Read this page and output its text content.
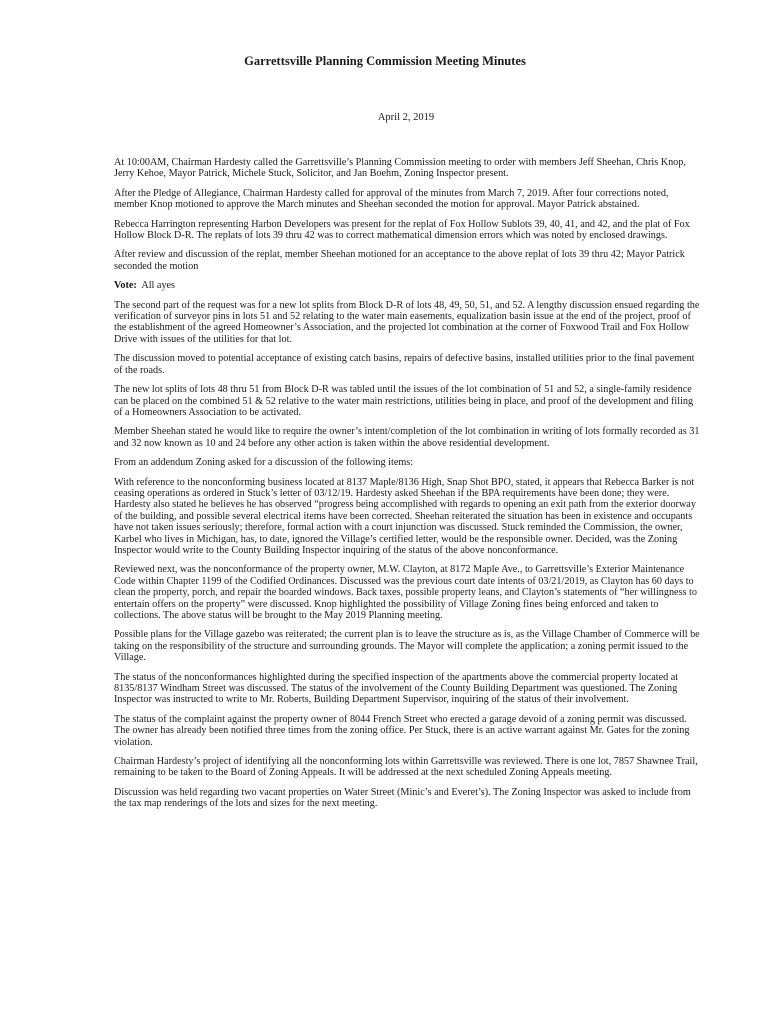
Garrettsville Planning Commission Meeting Minutes
April 2, 2019

At 10:00AM, Chairman Hardesty called the Garrettsville’s Planning Commission meeting to order with members Jeff Sheehan, Chris Knop, Jerry Kehoe, Mayor Patrick, Michele Stuck, Solicitor, and Jan Boehm, Zoning Inspector present.

After the Pledge of Allegiance, Chairman Hardesty called for approval of the minutes from March 7, 2019. After four corrections noted, member Knop motioned to approve the March minutes and Sheehan seconded the motion for approval. Mayor Patrick abstained.

Rebecca Harrington representing Harbon Developers was present for the replat of Fox Hollow Sublots 39, 40, 41, and 42, and the plat of Fox Hollow Block D-R. The replats of lots 39 thru 42 was to correct mathematical dimension errors which was noted by enclosed drawings.

After review and discussion of the replat, member Sheehan motioned for an acceptance to the above replat of lots 39 thru 42; Mayor Patrick seconded the motion

Vote: All ayes

The second part of the request was for a new lot splits from Block D-R of lots 48, 49, 50, 51, and 52. A lengthy discussion ensued regarding the verification of surveyor pins in lots 51 and 52 relating to the water main easements, equalization basin issue at the end of the project, proof of the establishment of the agreed Homeowner’s Association, and the projected lot combination at the corner of Foxwood Trail and Fox Hollow Drive with issues of the utilities for that lot.

The discussion moved to potential acceptance of existing catch basins, repairs of defective basins, installed utilities prior to the final pavement of the roads.

The new lot splits of lots 48 thru 51 from Block D-R was tabled until the issues of the lot combination of 51 and 52, a single-family residence can be placed on the combined 51 & 52 relative to the water main restrictions, utilities being in place, and proof of the development and filing of a Homeowners Association to be activated.

Member Sheehan stated he would like to require the owner’s intent/completion of the lot combination in writing of lots formally recorded as 31 and 32 now known as 10 and 24 before any other action is taken within the above residential development.

From an addendum Zoning asked for a discussion of the following items:

With reference to the nonconforming business located at 8137 Maple/8136 High, Snap Shot BPO, stated, it appears that Rebecca Barker is not ceasing operations as ordered in Stuck’s letter of 03/12/19. Hardesty asked Sheehan if the BPA requirements have been done; they were. Hardesty also stated he believes he has observed “progress being accomplished with regards to opening an exit path from the exterior doorway of the building, and possible several electrical items have been corrected. Sheehan reiterated the situation has been in existence and occupants have not taken issues seriously; therefore, formal action with a court injunction was discussed. Stuck reminded the Commission, the owner, Karbel who lives in Michigan, has, to date, ignored the Village’s certified letter, would be the responsible owner. Decided, was the Zoning Inspector would write to the County Building Inspector inquiring of the status of the above nonconformance.

Reviewed next, was the nonconformance of the property owner, M.W. Clayton, at 8172 Maple Ave., to Garrettsville’s Exterior Maintenance Code within Chapter 1199 of the Codified Ordinances. Discussed was the previous court date intents of 03/21/2019, as Clayton has 60 days to clean the property, porch, and repair the boarded windows. Back taxes, possible property leans, and Clayton’s statements of “her willingness to entertain offers on the property” were discussed. Knop highlighted the possibility of Village Zoning fines being enforced and taken to collections. The above status will be brought to the May 2019 Planning meeting.

Possible plans for the Village gazebo was reiterated; the current plan is to leave the structure as is, as the Village Chamber of Commerce will be taking on the responsibility of the structure and surrounding grounds. The Mayor will complete the application; a zoning permit issued to the Village.

The status of the nonconformances highlighted during the specified inspection of the apartments above the commercial property located at 8135/8137 Windham Street was discussed. The status of the involvement of the County Building Department was questioned. The Zoning Inspector was instructed to write to Mr. Roberts, Building Department Supervisor, inquiring of the status of their involvement.

The status of the complaint against the property owner of 8044 French Street who erected a garage devoid of a zoning permit was discussed. The owner has already been notified three times from the zoning office. Per Stuck, there is an active warrant against Mr. Gates for the zoning violation.

Chairman Hardesty’s project of identifying all the nonconforming lots within Garrettsville was reviewed. There is one lot, 7857 Shawnee Trail, remaining to be taken to the Board of Zoning Appeals. It will be addressed at the next scheduled Zoning Appeals meeting.

Discussion was held regarding two vacant properties on Water Street (Minic’s and Everet’s). The Zoning Inspector was asked to include from the tax map renderings of the lots and sizes for the next meeting.
